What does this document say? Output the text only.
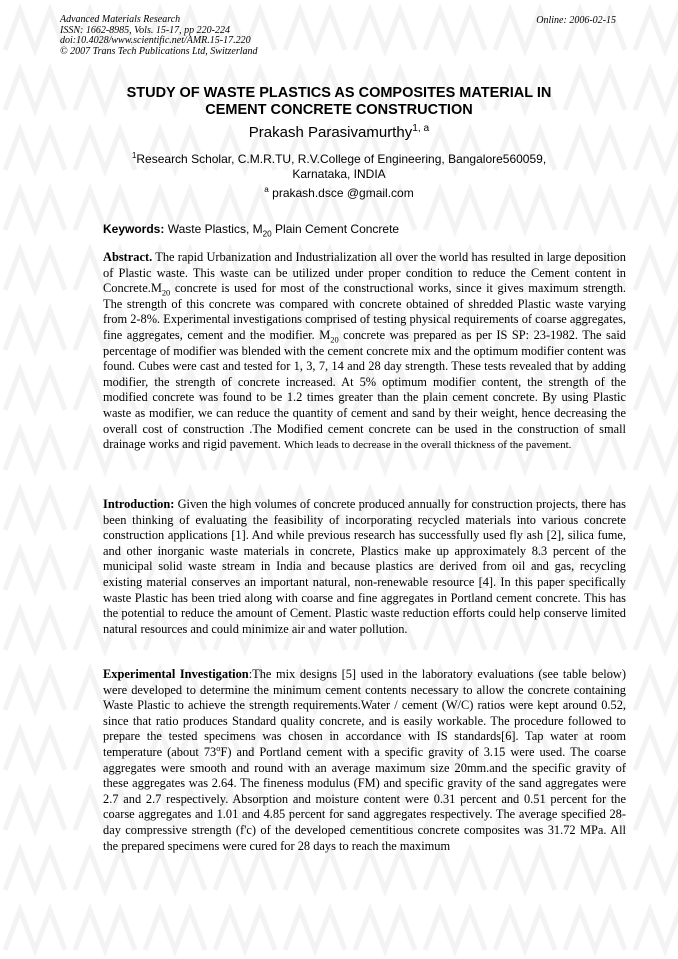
Advanced Materials Research
ISSN: 1662-8985, Vols. 15-17, pp 220-224
doi:10.4028/www.scientific.net/AMR.15-17.220
© 2007 Trans Tech Publications Ltd, Switzerland
Online: 2006-02-15
STUDY OF WASTE PLASTICS AS COMPOSITES MATERIAL IN
CEMENT CONCRETE CONSTRUCTION
Prakash Parasivamurthy$^{1, a}$
$^1$Research Scholar, C.M.R.TU, R.V.College of Engineering, Bangalore560059, Karnataka, INDIA
$^a$ prakash.dsce @gmail.com
Keywords: Waste Plastics, $M_{20}$ Plain Cement Concrete
Abstract. The rapid Urbanization and Industrialization all over the world has resulted in large deposition of Plastic waste. This waste can be utilized under proper condition to reduce the Cement content in $Concrete.M_{20}$ concrete is used for most of the constructional works, since it gives maximum strength. The strength of this concrete was compared with concrete obtained of shredded Plastic waste varying from 2-8%. Experimental investigations comprised of testing physical requirements of coarse aggregates, fine aggregates, cement and the modifier. $M_{20}$ concrete was prepared as per IS SP: 23-1982. The said percentage of modifier was blended with the cement concrete mix and the optimum modifier content was found. Cubes were cast and tested for 1, 3, 7, 14 and 28 day strength. These tests revealed that by adding modifier, the strength of concrete increased. At 5% optimum modifier content, the strength of the modified concrete was found to be 1.2 times greater than the plain cement concrete. By using Plastic waste as modifier, we can reduce the quantity of cement and sand by their weight, hence decreasing the overall cost of construction .The Modified cement concrete can be used in the construction of small drainage works and rigid pavement. Which leads to decrease in the overall thickness of the pavement.
Introduction: Given the high volumes of concrete produced annually for construction projects, there has been thinking of evaluating the feasibility of incorporating recycled materials into various concrete construction applications [1]. And while previous research has successfully used fly ash [2], silica fume, and other inorganic waste materials in concrete, Plastics make up approximately 8.3 percent of the municipal solid waste stream in India and because plastics are derived from oil and gas, recycling existing material conserves an important natural, non-renewable resource [4]. In this paper specifically waste Plastic has been tried along with coarse and fine aggregates in Portland cement concrete. This has the potential to reduce the amount of Cement. Plastic waste reduction efforts could help conserve limited natural resources and could minimize air and water pollution.
Experimental Investigation:The mix designs [5] used in the laboratory evaluations (see table below) were developed to determine the minimum cement contents necessary to allow the concrete containing Waste Plastic to achieve the strength requirements.Water / cement (W/C) ratios were kept around 0.52, since that ratio produces Standard quality concrete, and is easily workable. The procedure followed to prepare the tested specimens was chosen in accordance with IS standards[6]. Tap water at room temperature (about 73$^o$F) and Portland cement with a specific gravity of 3.15 were used. The coarse aggregates were smooth and round with an average maximum size 20mm.and the specific gravity of these aggregates was 2.64. The fineness modulus (FM) and specific gravity of the sand aggregates were 2.7 and 2.7 respectively. Absorption and moisture content were 0.31 percent and 0.51 percent for the coarse aggregates and 1.01 and 4.85 percent for sand aggregates respectively. The average specified 28-day compressive strength (f'c) of the developed cementitious concrete composites was 31.72 MPa. All the prepared specimens were cured for 28 days to reach the maximum
